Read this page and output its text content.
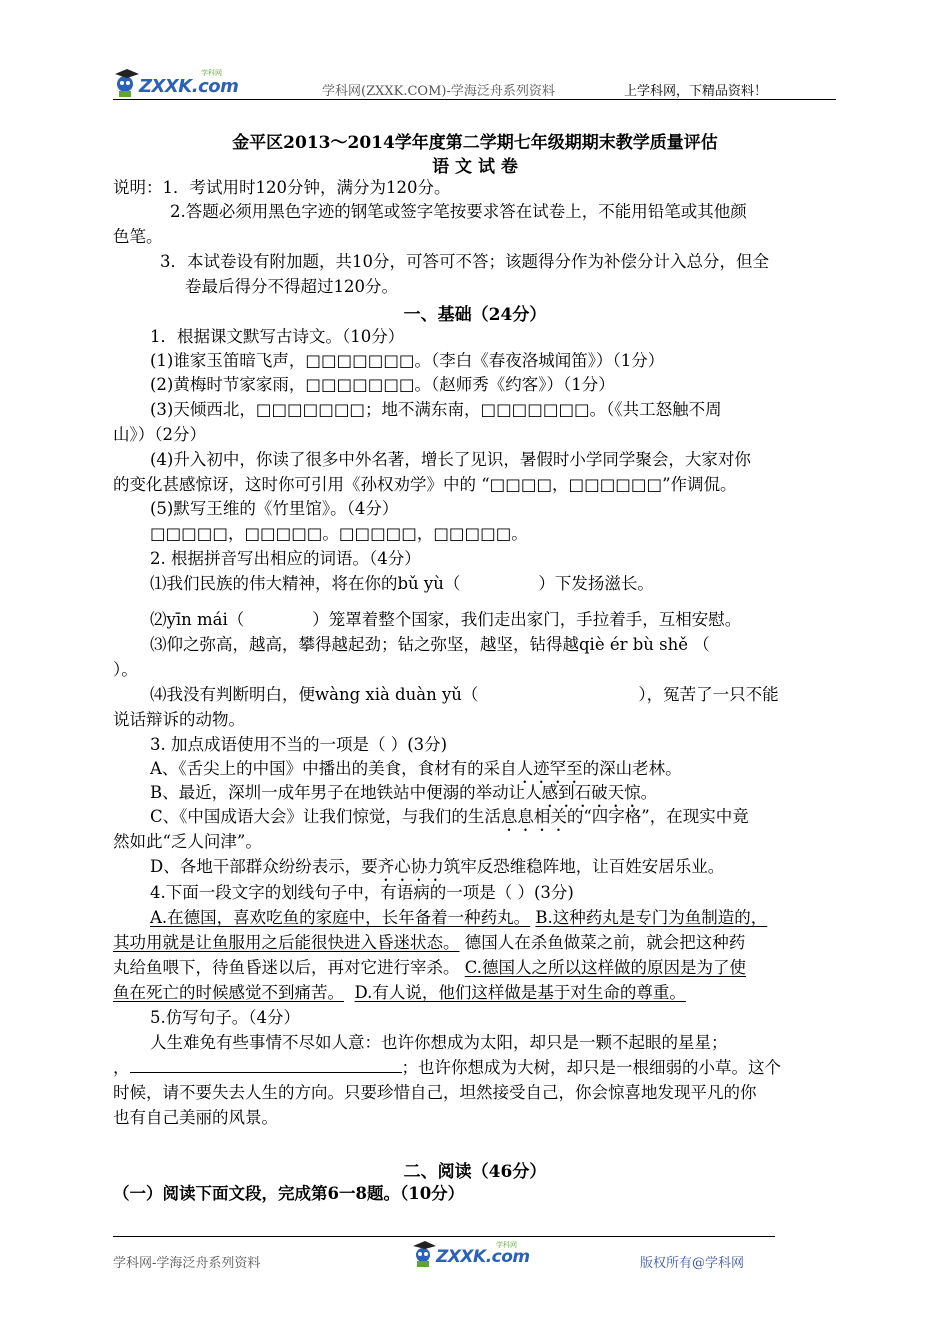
ZXXK.com
学科网
学科网(ZXXK.COM)-学海泛舟系列资料	上学科网，下精品资料！
金平区2013～2014学年度第二学期七年级期期末教学质量评估
语 文 试 卷
说明：1．考试用时120分钟，满分为120分。
2.答题必须用黑色字迹的钢笔或签字笔按要求答在试卷上，不能用铅笔或其他颜
色笔。
3．本试卷设有附加题，共10分，可答可不答；该题得分作为补偿分计入总分，但全
卷最后得分不得超过120分。
一、基础（24分）
1．根据课文默写古诗文。（10分）
(1)谁家玉笛暗飞声，□□□□□□□。（李白《春夜洛城闻笛》）（1分）
(2)黄梅时节家家雨，□□□□□□□。（赵师秀《约客》）（1分）
(3)天倾西北，□□□□□□□；地不满东南，□□□□□□□。（《共工怒触不周
山》）（2分）
(4)升入初中，你读了很多中外名著，增长了见识，暑假时小学同学聚会，大家对你
的变化甚感惊讶，这时你可引用《孙权劝学》中的 “□□□□，□□□□□□”作调侃。
(5)默写王维的《竹里馆》。（4分）
□□□□□，□□□□□。□□□□□，□□□□□。
2. 根据拼音写出相应的词语。（4分）
⑴我们民族的伟大精神，将在你的bǔ yù（	）下发扬滋长。
⑵yīn mái（	）笼罩着整个国家，我们走出家门，手拉着手，互相安慰。
⑶仰之弥高，越高，攀得越起劲；钻之弥坚，越坚，钻得越qiè ér bù shě （
）。
⑷我没有判断明白，便wàng xià duàn yǔ（	），冤苦了一只不能
说话辩诉的动物。
3. 加点成语使用不当的一项是（ ）(3分)
A、《舌尖上的中国》中播出的美食，食材有的采自人迹罕至的深山老林。
B、最近，深圳一成年男子在地铁站中便溺的举动让人感到石破天惊。
C、《中国成语大会》让我们惊觉，与我们的生活息息相关的“四字格”，在现实中竟
然如此“乏人问津”。
D、各地干部群众纷纷表示，要齐心协力筑牢反恐维稳阵地，让百姓安居乐业。
4.下面一段文字的划线句子中，有语病的一项是（ ）(3分)
A.在德国，喜欢吃鱼的家庭中，长年备着一种药丸。 B.这种药丸是专门为鱼制造的，
其功用就是让鱼服用之后能很快进入昏迷状态。 德国人在杀鱼做菜之前，就会把这种药
丸给鱼喂下，待鱼昏迷以后，再对它进行宰杀。 C.德国人之所以这样做的原因是为了使
鱼在死亡的时候感觉不到痛苦。 D.有人说，他们这样做是基于对生命的尊重。
5.仿写句子。（4分）
人生难免有些事情不尽如人意：也许你想成为太阳，却只是一颗不起眼的星星；
，	；也许你想成为大树，却只是一根细弱的小草。这个
时候，请不要失去人生的方向。只要珍惜自己，坦然接受自己，你会惊喜地发现平凡的你
也有自己美丽的风景。
二、阅读（46分）
（一）阅读下面文段，完成第6一8题。（10分）
学科网-学海泛舟系列资料	ZXXK.com
学科网
版权所有@学科网
